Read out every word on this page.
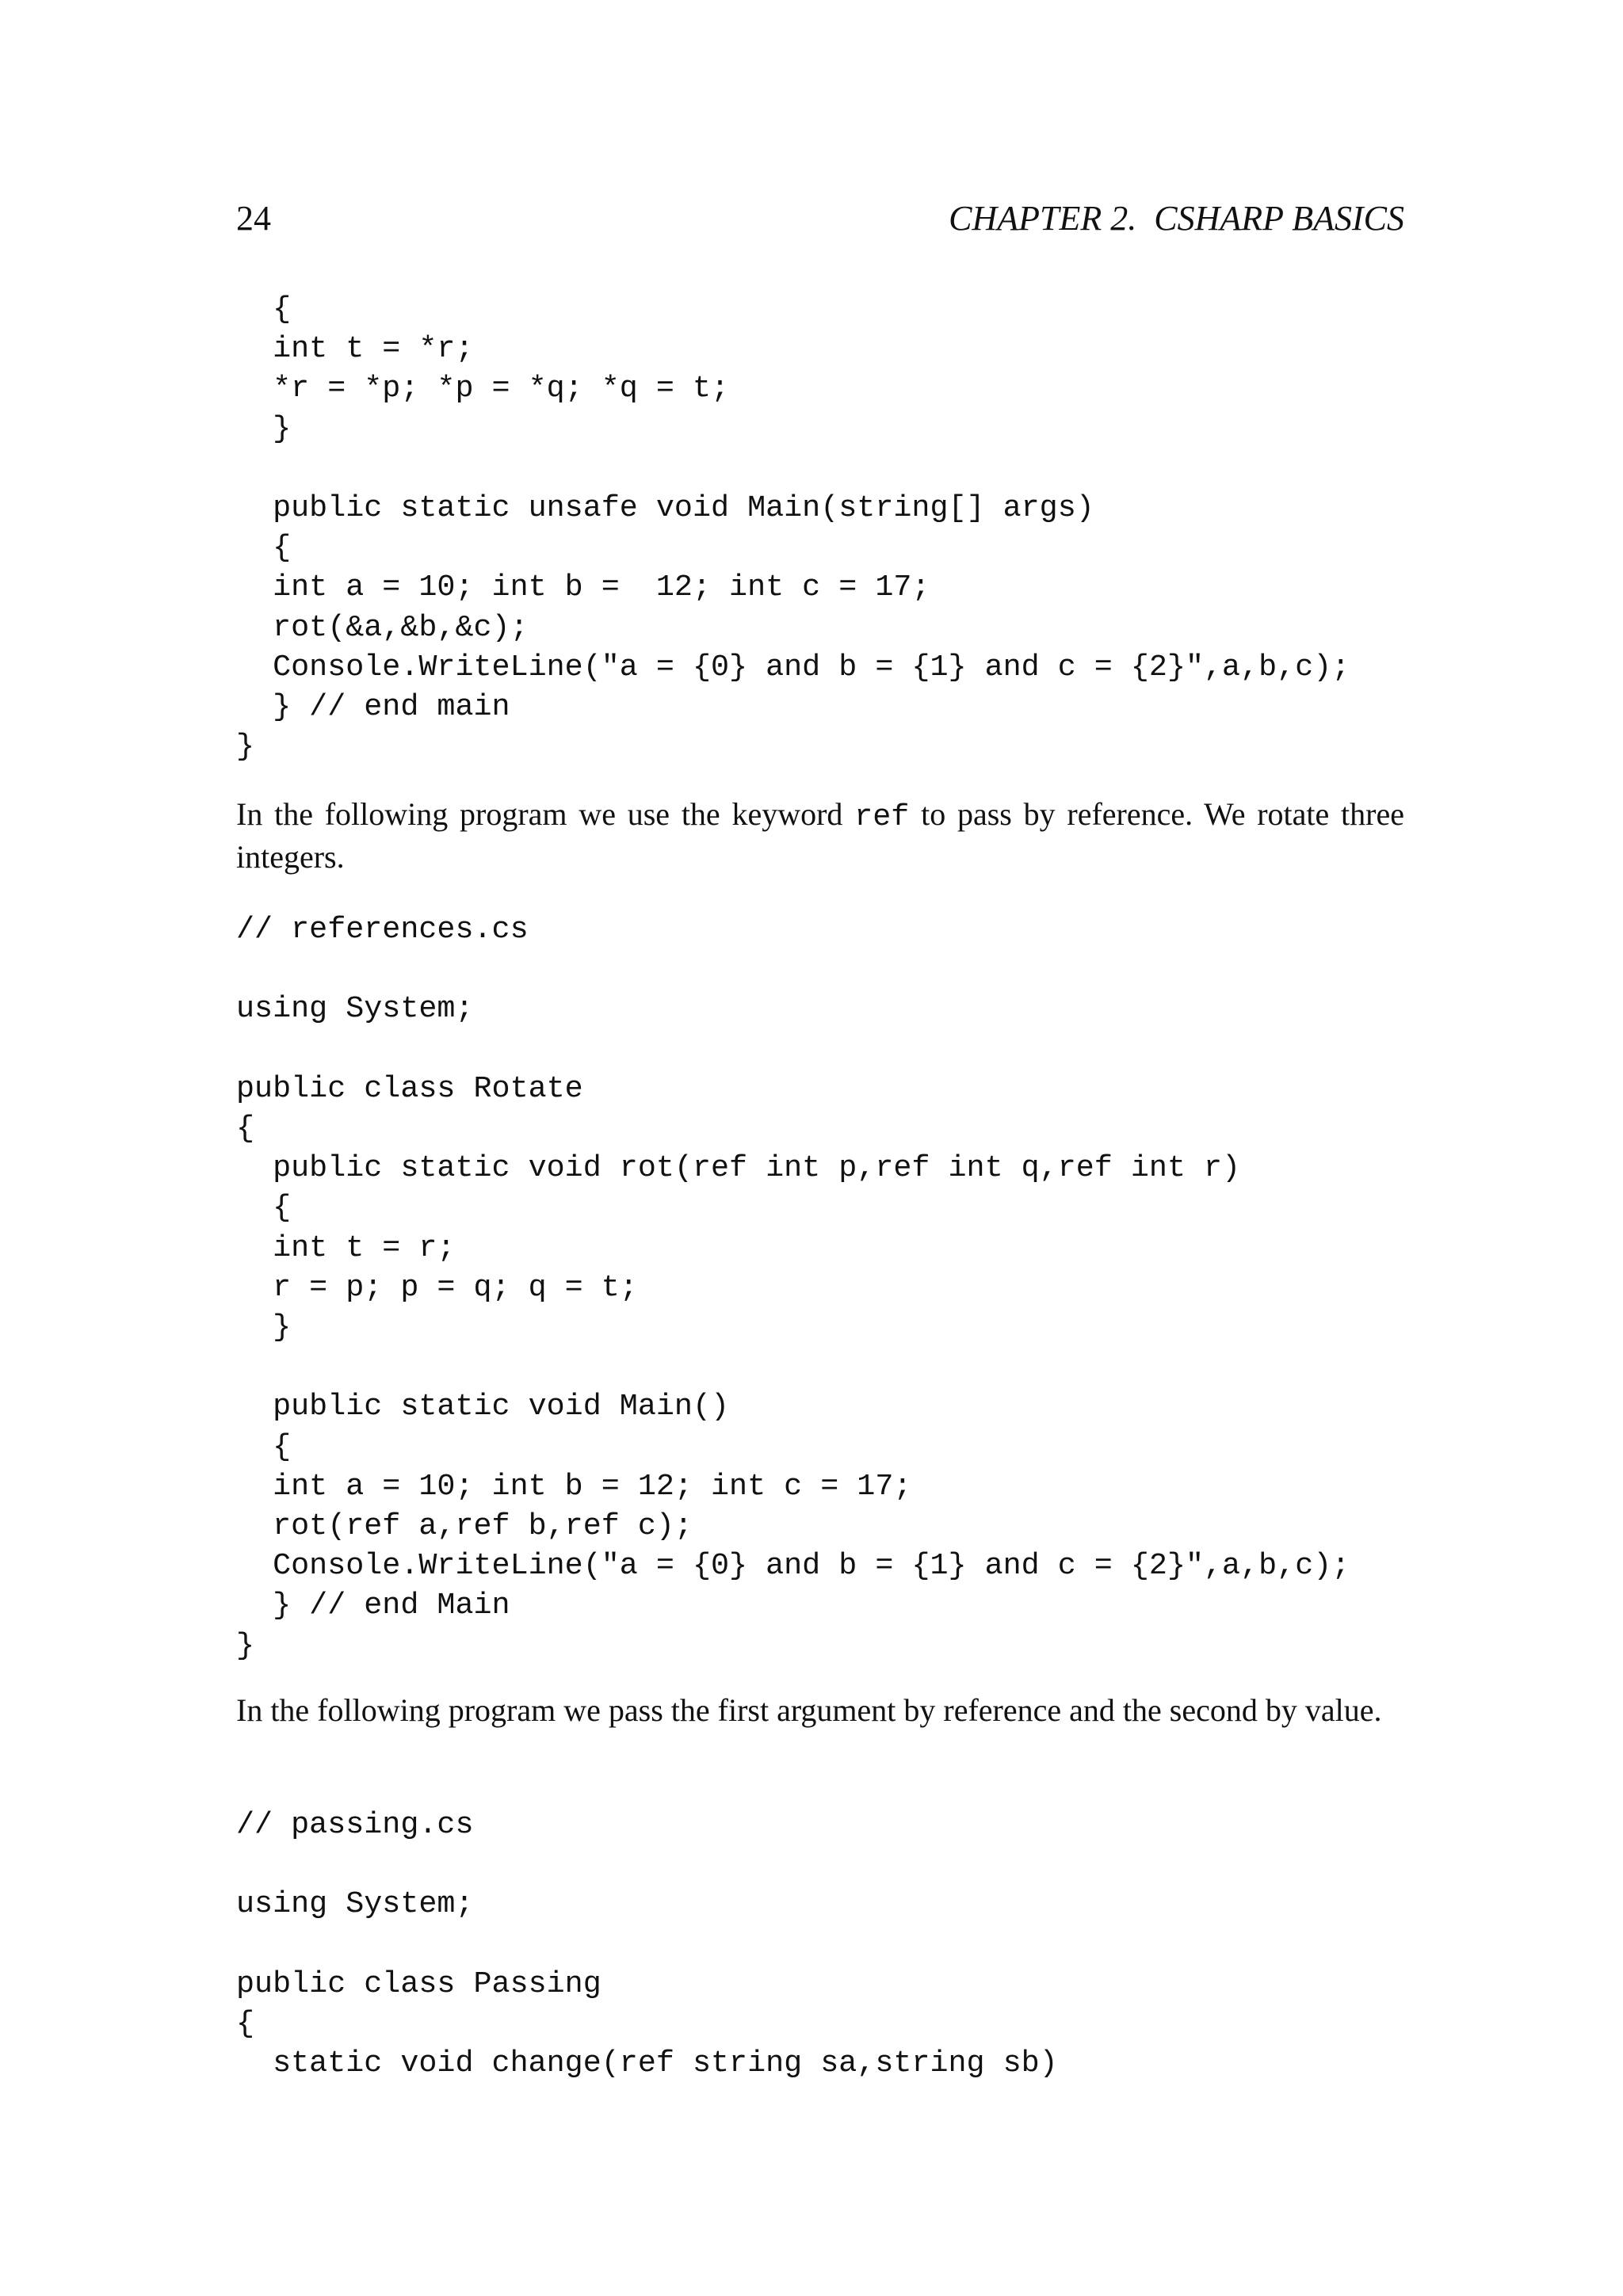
24	CHAPTER 2.  CSHARP BASICS
{
int t = *r;
*r = *p; *p = *q; *q = t;
}

public static unsafe void Main(string[] args)
{
int a = 10; int b =  12; int c = 17;
rot(&a,&b,&c);
Console.WriteLine("a = {0} and b = {1} and c = {2}",a,b,c);
} // end main
}

In the following program we use the keyword ref to pass by reference. We rotate three integers.

// references.cs

using System;

public class Rotate
{
public static void rot(ref int p,ref int q,ref int r)
{
int t = r;
r = p; p = q; q = t;
}

public static void Main()
{
int a = 10; int b = 12; int c = 17;
rot(ref a,ref b,ref c);
Console.WriteLine("a = {0} and b = {1} and c = {2}",a,b,c);
} // end Main
}

In the following program we pass the first argument by reference and the second by value.

// passing.cs

using System;

public class Passing
{
static void change(ref string sa,string sb)
